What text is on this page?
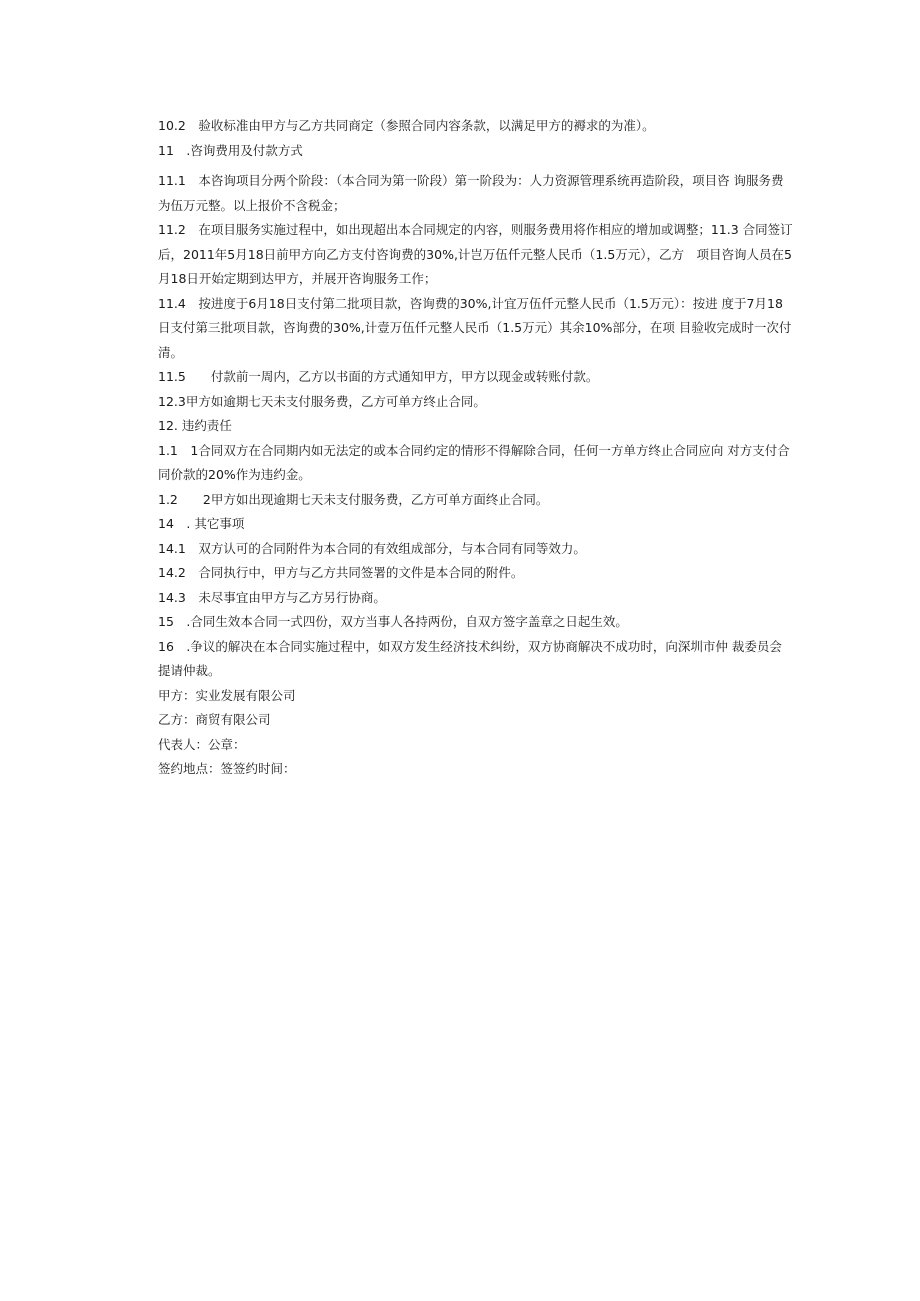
10.2　验收标准由甲方与乙方共同商定（参照合同内容条款，以满足甲方的褥求的为准）。

11　.咨询费用及付款方式

11.1　本咨询项目分两个阶段：（本合同为第一阶段）第一阶段为：人力资源管理系统再造阶段，项目咨 询服务费为伍万元整。以上报价不含税金；

11.2　在项目服务实施过程中，如出现超出本合同规定的内容，则服务费用将作相应的增加或调整；11.3 合同签订后，2011年5月18日前甲方向乙方支付咨询费的30%,计岂万伍仟元整人民币（1.5万元），乙方　项目咨询人员在5月18日开始定期到达甲方，并展开咨询服务工作；

11.4　按进度于6月18日支付第二批项目款，咨询费的30%,计宜万伍仟元整人民币（1.5万元）：按进 度于7月18日支付第三批项目款，咨询费的30%,计壹万伍仟元整人民币（1.5万元）其余10%部分，在项 目验收完成时一次付清。

11.5　　付款前一周内，乙方以书面的方式通知甲方，甲方以现金或转账付款。

12.3甲方如逾期七天未支付服务费，乙方可单方终止合同。

12. 违约责任

1.1　1合同双方在合同期内如无法定的或本合同约定的情形不得解除合同，任何一方单方终止合同应向 对方支付合同价款的20%作为违约金。

1.2　　2甲方如出现逾期七天未支付服务费，乙方可单方面终止合同。

14　. 其它事项

14.1　双方认可的合同附件为本合同的有效组成部分，与本合同有同等效力。

14.2　合同执行中，甲方与乙方共同签署的文件是本合同的附件。

14.3　未尽事宜由甲方与乙方另行协商。

15　.合同生效本合同一式四份，双方当事人各持两份，自双方签字盖章之日起生效。

16　.争议的解决在本合同实施过程中，如双方发生经济技术纠纷，双方协商解决不成功时，向深圳市仲 裁委员会提请仲裁。

甲方：实业发展有限公司

乙方：商贸有限公司

代表人：公章：

签约地点：签签约时间：
